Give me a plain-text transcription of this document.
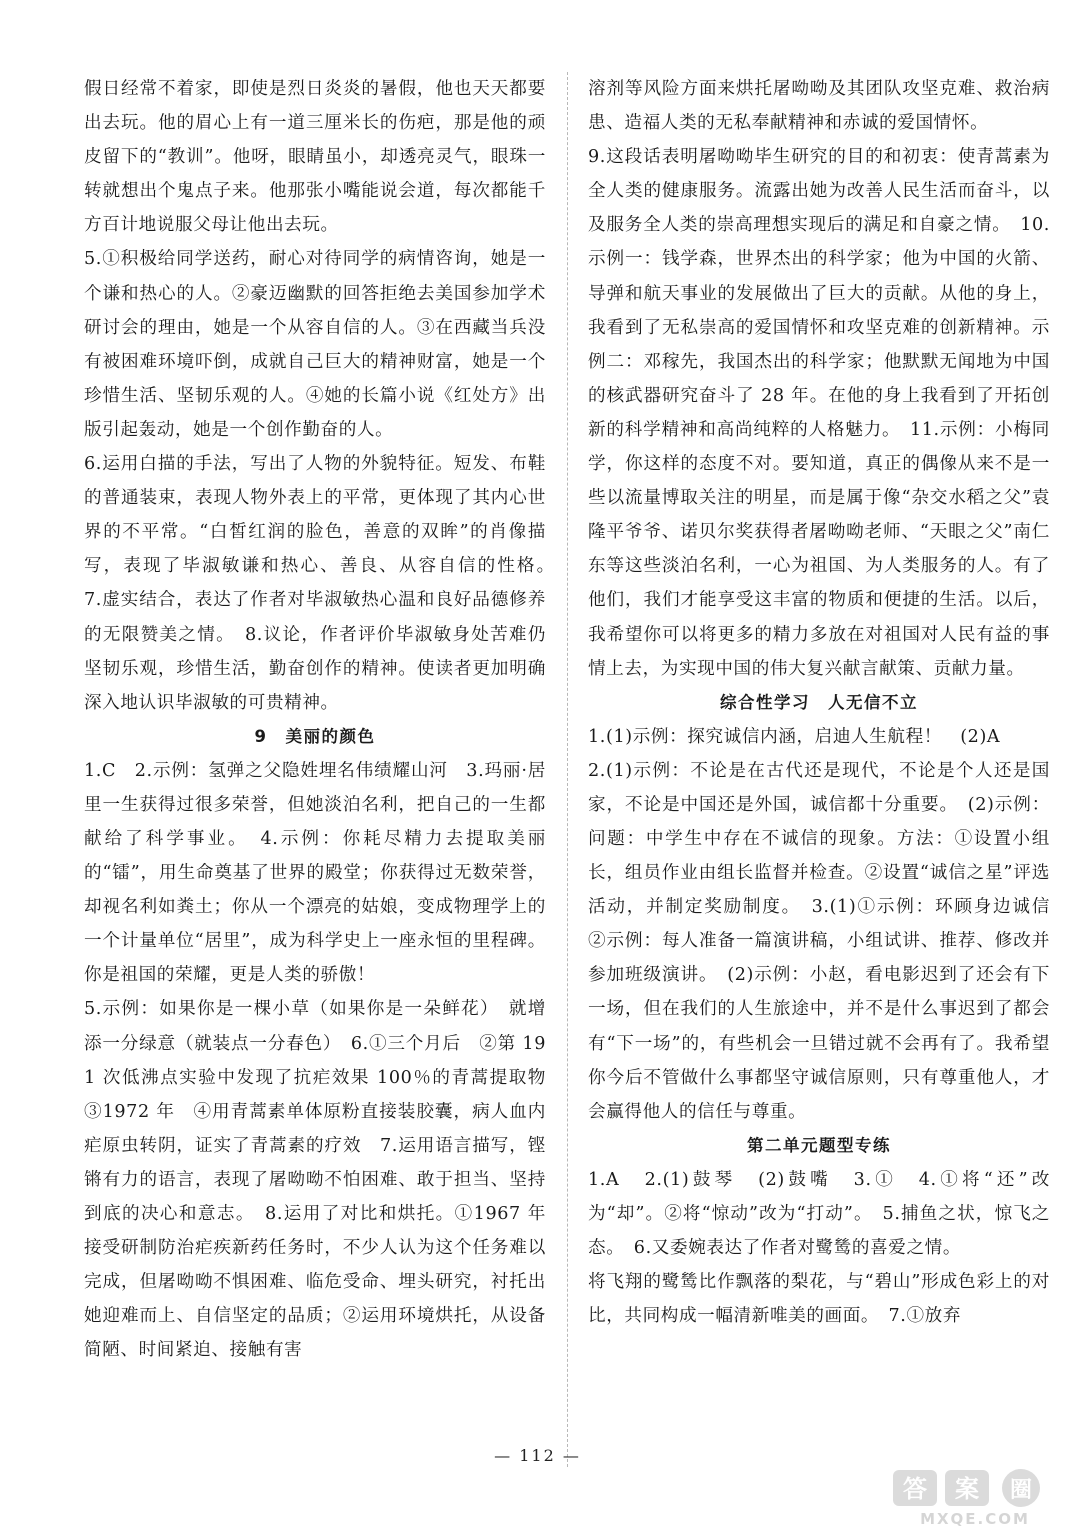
假日经常不着家，即使是烈日炎炎的暑假，他也天天都要出去玩。他的眉心上有一道三厘米长的伤疤，那是他的顽皮留下的“教训”。他呀，眼睛虽小，却透亮灵气，眼珠一转就想出个鬼点子来。他那张小嘴能说会道，每次都能千方百计地说服父母让他出去玩。

5.①积极给同学送药，耐心对待同学的病情咨询，她是一个谦和热心的人。②豪迈幽默的回答拒绝去美国参加学术研讨会的理由，她是一个从容自信的人。③在西藏当兵没有被困难环境吓倒，成就自己巨大的精神财富，她是一个珍惜生活、坚韧乐观的人。④她的长篇小说《红处方》出版引起轰动，她是一个创作勤奋的人。

6.运用白描的手法，写出了人物的外貌特征。短发、布鞋的普通装束，表现人物外表上的平常，更体现了其内心世界的不平常。“白皙红润的脸色，善意的双眸”的肖像描写，表现了毕淑敏谦和热心、善良、从容自信的性格。　7.虚实结合，表达了作者对毕淑敏热心温和良好品德修养的无限赞美之情。　8.议论，作者评价毕淑敏身处苦难仍坚韧乐观，珍惜生活，勤奋创作的精神。使读者更加明确深入地认识毕淑敏的可贵精神。

9　美丽的颜色

1.C　2.示例：氢弹之父隐姓埋名伟绩耀山河　3.玛丽·居里一生获得过很多荣誉，但她淡泊名利，把自己的一生都献给了科学事业。　4.示例：你耗尽精力去提取美丽的“镭”，用生命奠基了世界的殿堂；你获得过无数荣誉，却视名利如粪土；你从一个漂亮的姑娘，变成物理学上的一个计量单位“居里”，成为科学史上一座永恒的里程碑。你是祖国的荣耀，更是人类的骄傲！

5.示例：如果你是一棵小草（如果你是一朵鲜花）　就增添一分绿意（就装点一分春色）　6.①三个月后　②第 191 次低沸点实验中发现了抗疟效果 100％的青蒿提取物　③1972 年　④用青蒿素单体原粉直接装胶囊，病人血内疟原虫转阴，证实了青蒿素的疗效　7.运用语言描写，铿锵有力的语言，表现了屠呦呦不怕困难、敢于担当、坚持到底的决心和意志。　8.运用了对比和烘托。①1967 年接受研制防治疟疾新药任务时，不少人认为这个任务难以完成，但屠呦呦不惧困难、临危受命、埋头研究，衬托出她迎难而上、自信坚定的品质；②运用环境烘托，从设备简陋、时间紧迫、接触有害

溶剂等风险方面来烘托屠呦呦及其团队攻坚克难、救治病患、造福人类的无私奉献精神和赤诚的爱国情怀。

9.这段话表明屠呦呦毕生研究的目的和初衷：使青蒿素为全人类的健康服务。流露出她为改善人民生活而奋斗，以及服务全人类的崇高理想实现后的满足和自豪之情。　10.示例一：钱学森，世界杰出的科学家；他为中国的火箭、导弹和航天事业的发展做出了巨大的贡献。从他的身上，我看到了无私崇高的爱国情怀和攻坚克难的创新精神。示例二：邓稼先，我国杰出的科学家；他默默无闻地为中国的核武器研究奋斗了 28 年。在他的身上我看到了开拓创新的科学精神和高尚纯粹的人格魅力。　11.示例：小梅同学，你这样的态度不对。要知道，真正的偶像从来不是一些以流量博取关注的明星，而是属于像“杂交水稻之父”袁隆平爷爷、诺贝尔奖获得者屠呦呦老师、“天眼之父”南仁东等这些淡泊名利，一心为祖国、为人类服务的人。有了他们，我们才能享受这丰富的物质和便捷的生活。以后，我希望你可以将更多的精力多放在对祖国对人民有益的事情上去，为实现中国的伟大复兴献言献策、贡献力量。

综合性学习　人无信不立

1.(1)示例：探究诚信内涵，启迪人生航程！　(2)A

2.(1)示例：不论是在古代还是现代，不论是个人还是国家，不论是中国还是外国，诚信都十分重要。　(2)示例：问题：中学生中存在不诚信的现象。方法：①设置小组长，组员作业由组长监督并检查。②设置“诚信之星”评选活动，并制定奖励制度。　3.(1)①示例：环顾身边诚信　②示例：每人准备一篇演讲稿，小组试讲、推荐、修改并参加班级演讲。　(2)示例：小赵，看电影迟到了还会有下一场，但在我们的人生旅途中，并不是什么事迟到了都会有“下一场”的，有些机会一旦错过就不会再有了。我希望你今后不管做什么事都坚守诚信原则，只有尊重他人，才会赢得他人的信任与尊重。

第二单元题型专练

1.A　2.(1)鼓琴　(2)鼓嘴　3.①　4.①将“还”改为“却”。②将“惊动”改为“打动”。　5.捕鱼之状，惊飞之态。　6.又委婉表达了作者对鹭鸶的喜爱之情。

将飞翔的鹭鸶比作飘落的梨花，与“碧山”形成色彩上的对比，共同构成一幅清新唯美的画面。　7.①放弃

— 112 —
答 案 圈
MXQE.COM
